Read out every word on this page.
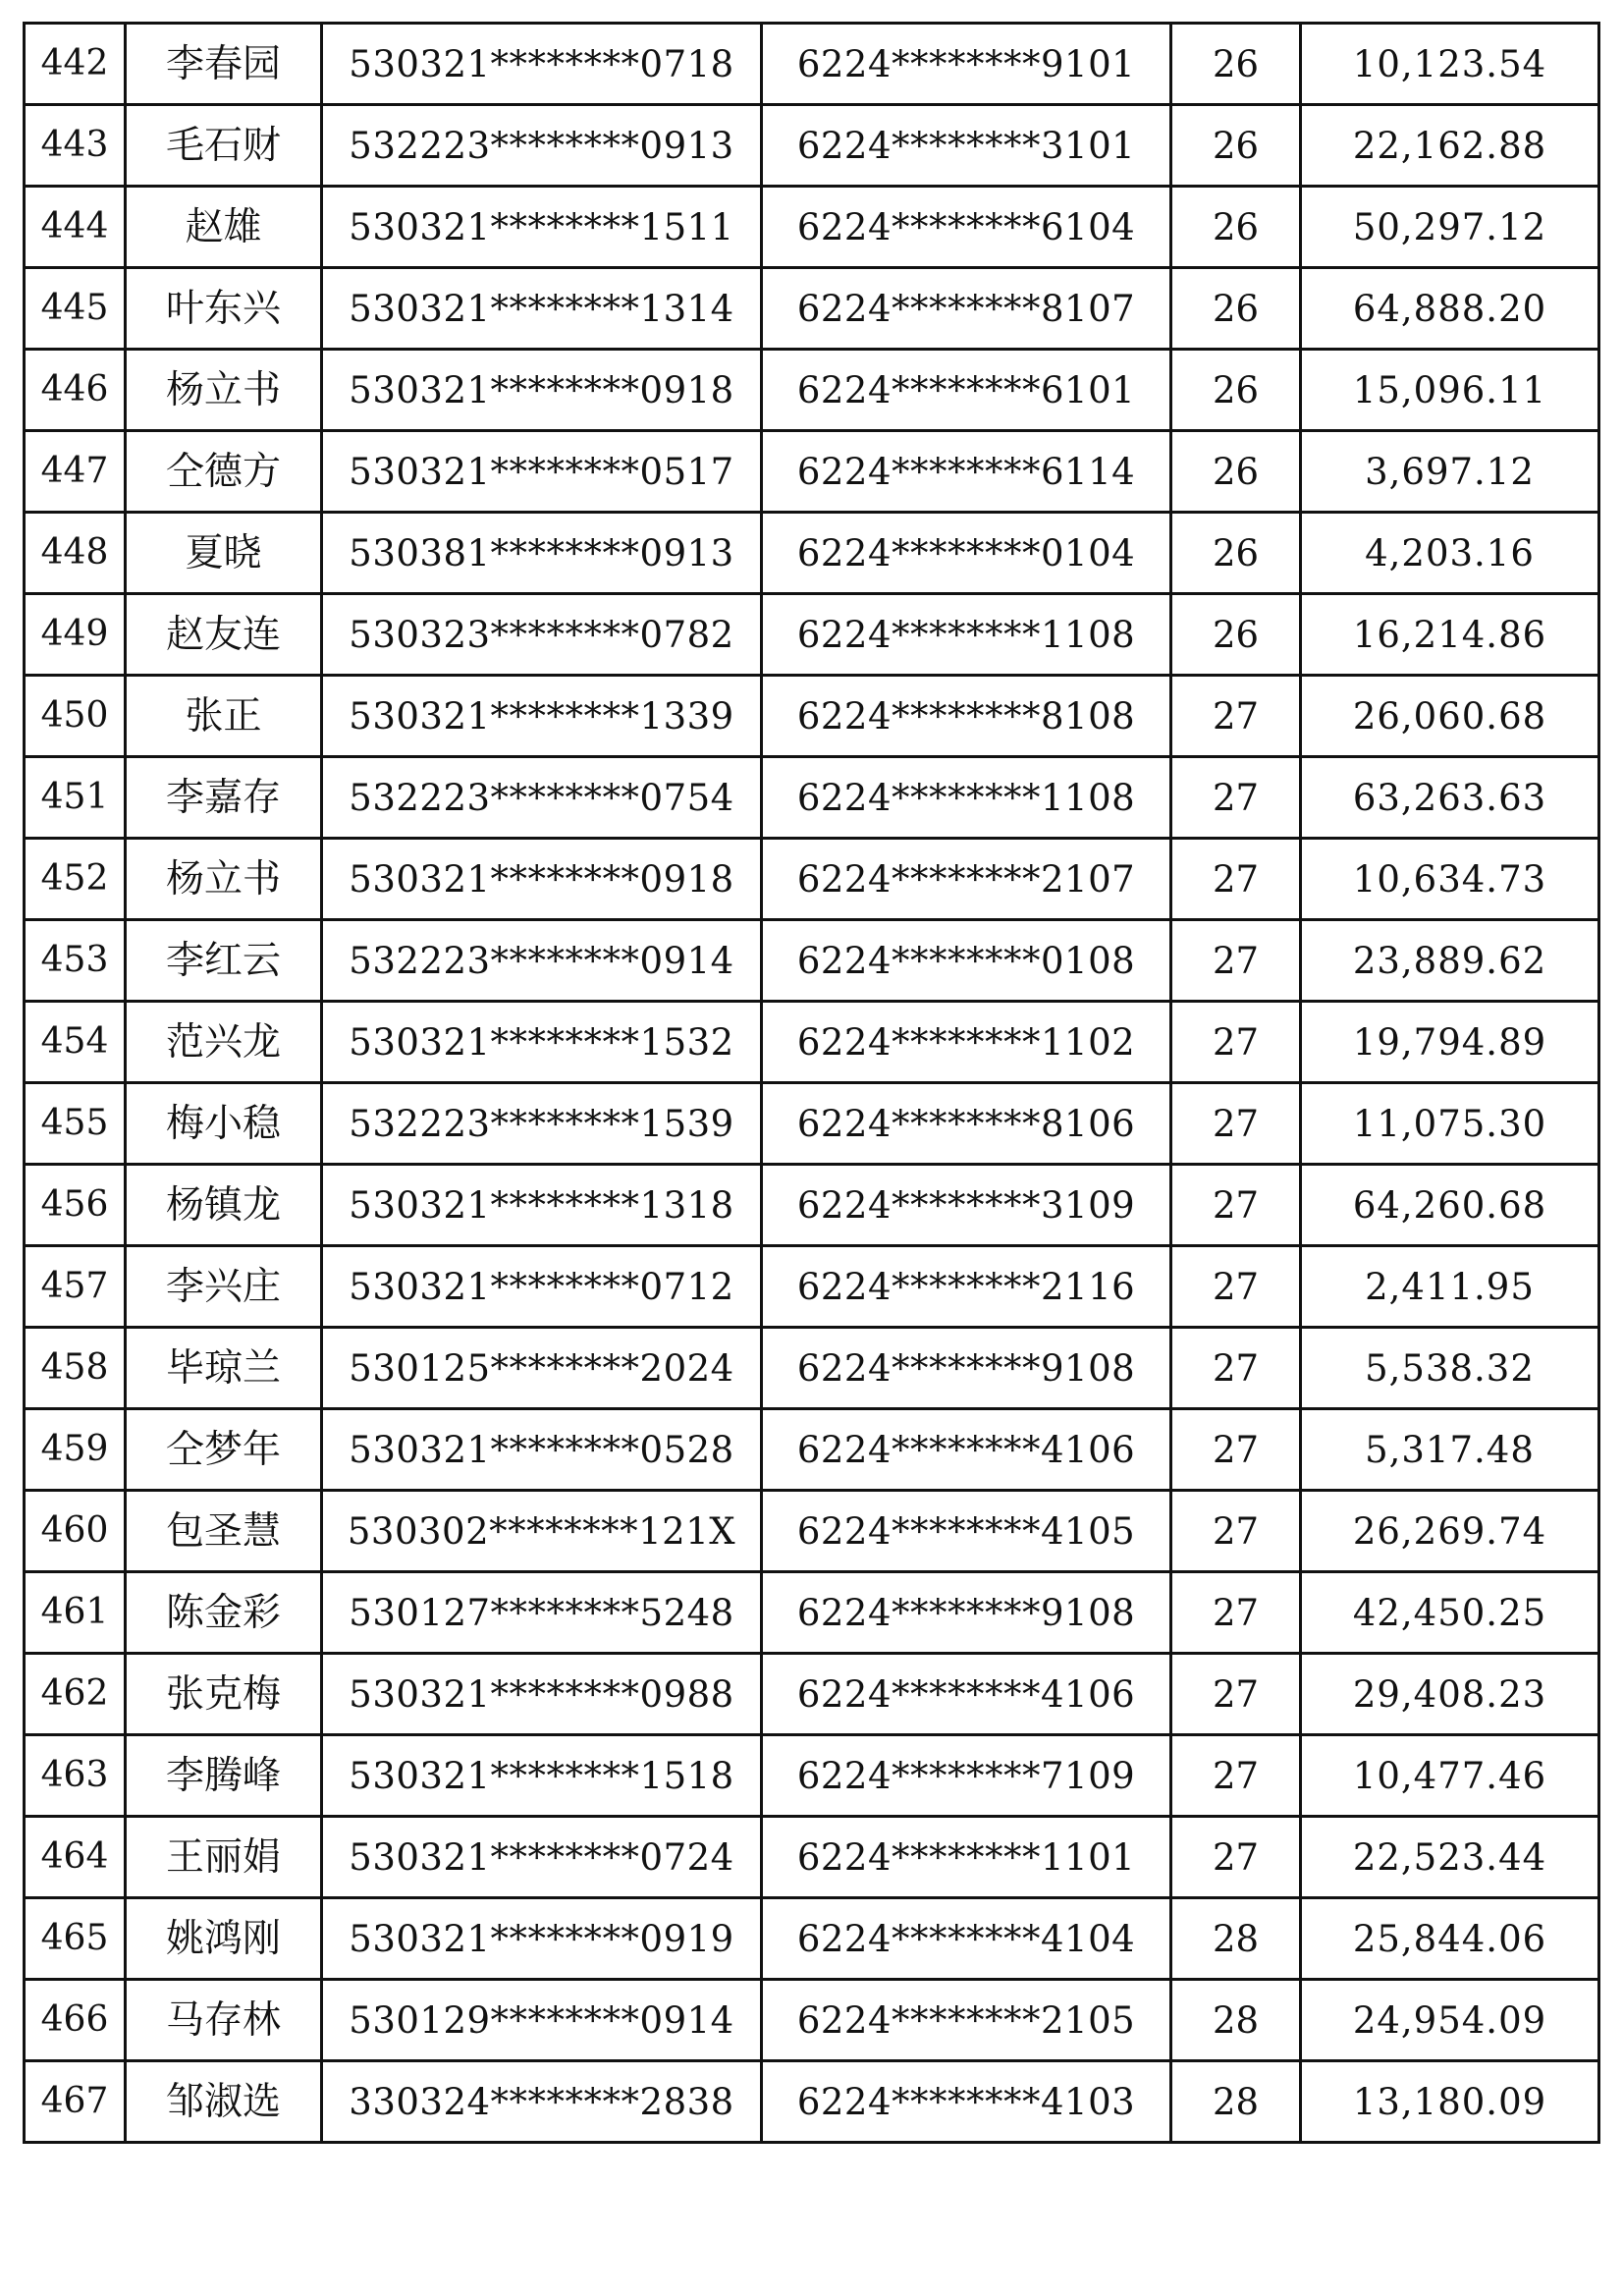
442	李春园	530321********0718	6224********9101	26	10,123.54
443	毛石财	532223********0913	6224********3101	26	22,162.88
444	赵雄	530321********1511	6224********6104	26	50,297.12
445	叶东兴	530321********1314	6224********8107	26	64,888.20
446	杨立书	530321********0918	6224********6101	26	15,096.11
447	仝德方	530321********0517	6224********6114	26	3,697.12
448	夏晓	530381********0913	6224********0104	26	4,203.16
449	赵友连	530323********0782	6224********1108	26	16,214.86
450	张正	530321********1339	6224********8108	27	26,060.68
451	李嘉存	532223********0754	6224********1108	27	63,263.63
452	杨立书	530321********0918	6224********2107	27	10,634.73
453	李红云	532223********0914	6224********0108	27	23,889.62
454	范兴龙	530321********1532	6224********1102	27	19,794.89
455	梅小稳	532223********1539	6224********8106	27	11,075.30
456	杨镇龙	530321********1318	6224********3109	27	64,260.68
457	李兴庄	530321********0712	6224********2116	27	2,411.95
458	毕琼兰	530125********2024	6224********9108	27	5,538.32
459	仝梦年	530321********0528	6224********4106	27	5,317.48
460	包圣慧	530302********121X	6224********4105	27	26,269.74
461	陈金彩	530127********5248	6224********9108	27	42,450.25
462	张克梅	530321********0988	6224********4106	27	29,408.23
463	李腾峰	530321********1518	6224********7109	27	10,477.46
464	王丽娟	530321********0724	6224********1101	27	22,523.44
465	姚鸿刚	530321********0919	6224********4104	28	25,844.06
466	马存林	530129********0914	6224********2105	28	24,954.09
467	邹淑选	330324********2838	6224********4103	28	13,180.09
